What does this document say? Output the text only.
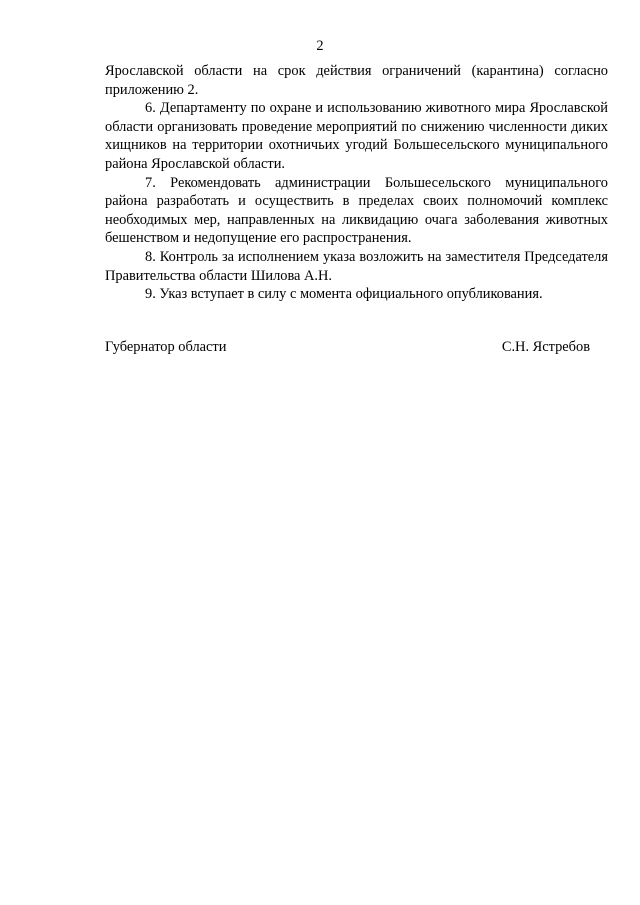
2

Ярославской области на срок действия ограничений (карантина) согласно приложению 2.

6. Департаменту по охране и использованию животного мира Ярославской области организовать проведение мероприятий по снижению численности диких хищников на территории охотничьих угодий Большесельского муниципального района Ярославской области.

7. Рекомендовать администрации Большесельского муниципального района разработать и осуществить в пределах своих полномочий комплекс необходимых мер, направленных на ликвидацию очага заболевания животных бешенством и недопущение его распространения.

8. Контроль за исполнением указа возложить на заместителя Председателя Правительства области Шилова А.Н.

9. Указ вступает в силу с момента официального опубликования.

Губернатор области	С.Н. Ястребов
